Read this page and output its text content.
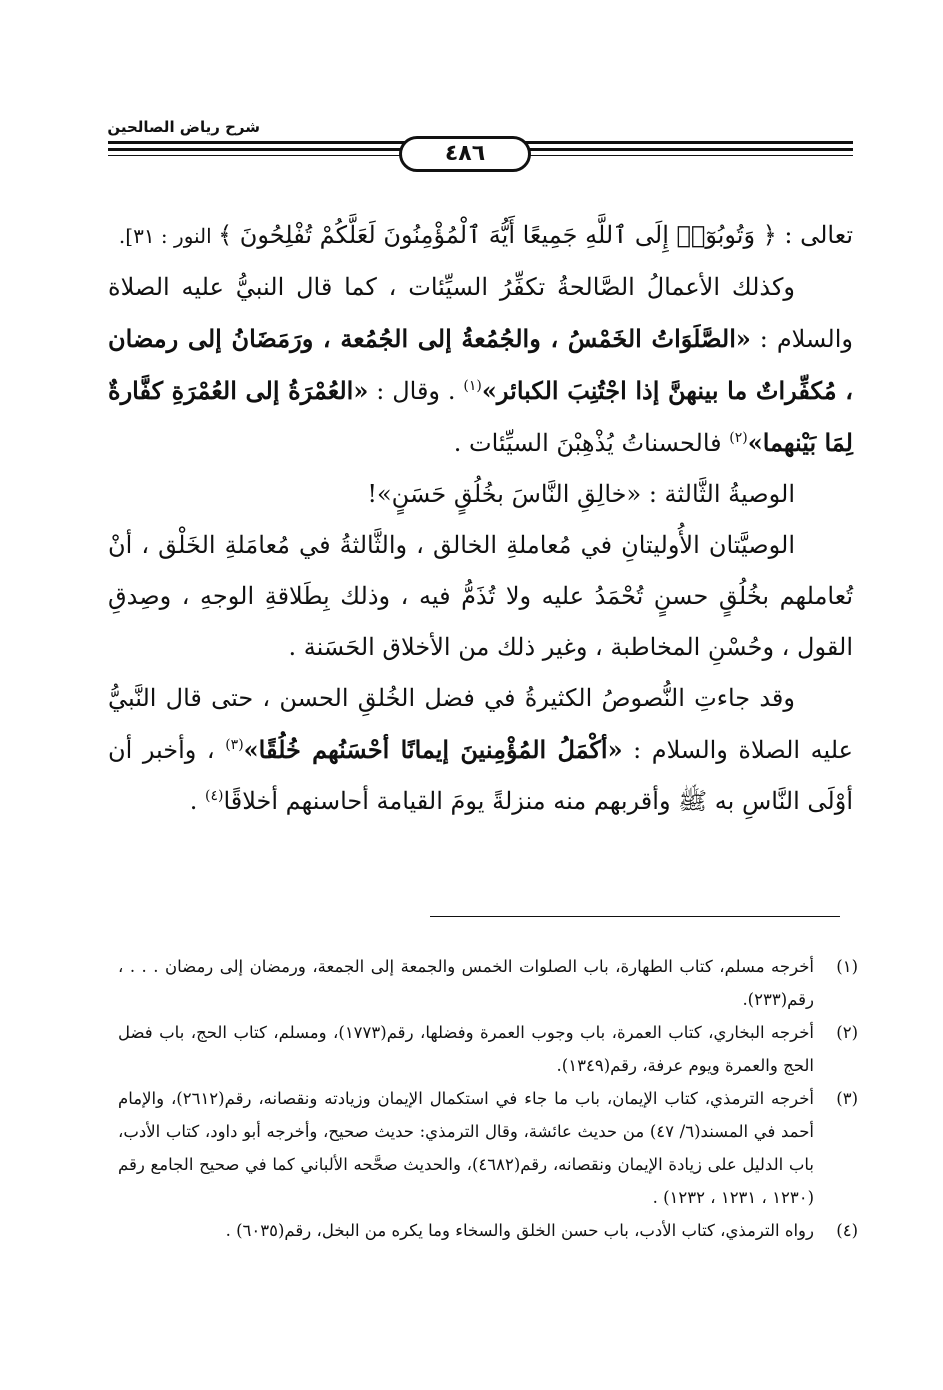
شرح رياض الصالحين
٤٨٦

تعالى : ﴿ وَتُوبُوٓا۟ إِلَى ٱللَّهِ جَمِيعًا أَيُّهَ ٱلْمُؤْمِنُونَ لَعَلَّكُمْ تُفْلِحُونَ ﴾ النور : ٣١].

وكذلك الأعمالُ الصَّالحةُ تكفِّرُ السيِّئات ، كما قال النبيُّ عليه الصلاة والسلام : «الصَّلَوَاتُ الخَمْسُ ، والجُمُعةُ إلى الجُمُعة ، ورَمَضَانُ إلى رمضان ، مُكفِّراتٌ ما بينهنَّ إذا اجْتُنِبَ الكبائر»$^{(١)}$ . وقال : «العُمْرَةُ إلى العُمْرَةِ كفَّارةٌ لِمَا بَيْنهما»$^{(٢)}$ فالحسناتُ يُذْهِبْنَ السيِّئات .

الوصيةُ الثَّالثة : «خالِقِ النَّاسَ بخُلُقٍ حَسَنٍ»!

الوصيَّتان الأُوليتانِ في مُعاملةِ الخالق ، والثَّالثةُ في مُعامَلةِ الخَلْق ، أنْ تُعاملهم بخُلُقٍ حسنٍ تُحْمَدُ عليه ولا تُذَمُّ فيه ، وذلك بِطَلاقةِ الوجهِ ، وصِدقِ القول ، وحُسْنِ المخاطبة ، وغير ذلك من الأخلاق الحَسَنة .

وقد جاءتِ النُّصوصُ الكثيرةُ في فضل الخُلقِ الحسن ، حتى قال النَّبيُّ عليه الصلاة والسلام : «أكْمَلُ المُؤْمِنينَ إيمانًا أحْسَنُهم خُلُقًا»$^{(٣)}$ ، وأخبر أن أوْلَى النَّاسِ به ﷺ وأقربهم منه منزلةً يومَ القيامة أحاسنهم أخلاقًا$^{(٤)}$ .

(١)
أخرجه مسلم، كتاب الطهارة، باب الصلوات الخمس والجمعة إلى الجمعة، ورمضان إلى رمضان . . . ، رقم(٢٣٣).
(٢)
أخرجه البخاري، كتاب العمرة، باب وجوب العمرة وفضلها، رقم(١٧٧٣)، ومسلم، كتاب الحج، باب فضل الحج والعمرة ويوم عرفة، رقم(١٣٤٩).
(٣)
أخرجه الترمذي، كتاب الإيمان، باب ما جاء في استكمال الإيمان وزيادته ونقصانه، رقم(٢٦١٢)، والإمام أحمد في المسند(٦/ ٤٧) من حديث عائشة، وقال الترمذي: حديث صحيح، وأخرجه أبو داود، كتاب الأدب، باب الدليل على زيادة الإيمان ونقصانه، رقم(٤٦٨٢)، والحديث صحَّحه الألباني كما في صحيح الجامع رقم (١٢٣٠ ، ١٢٣١ ، ١٢٣٢) .
(٤)
رواه الترمذي، كتاب الأدب، باب حسن الخلق والسخاء وما يكره من البخل، رقم(٦٠٣٥) .
